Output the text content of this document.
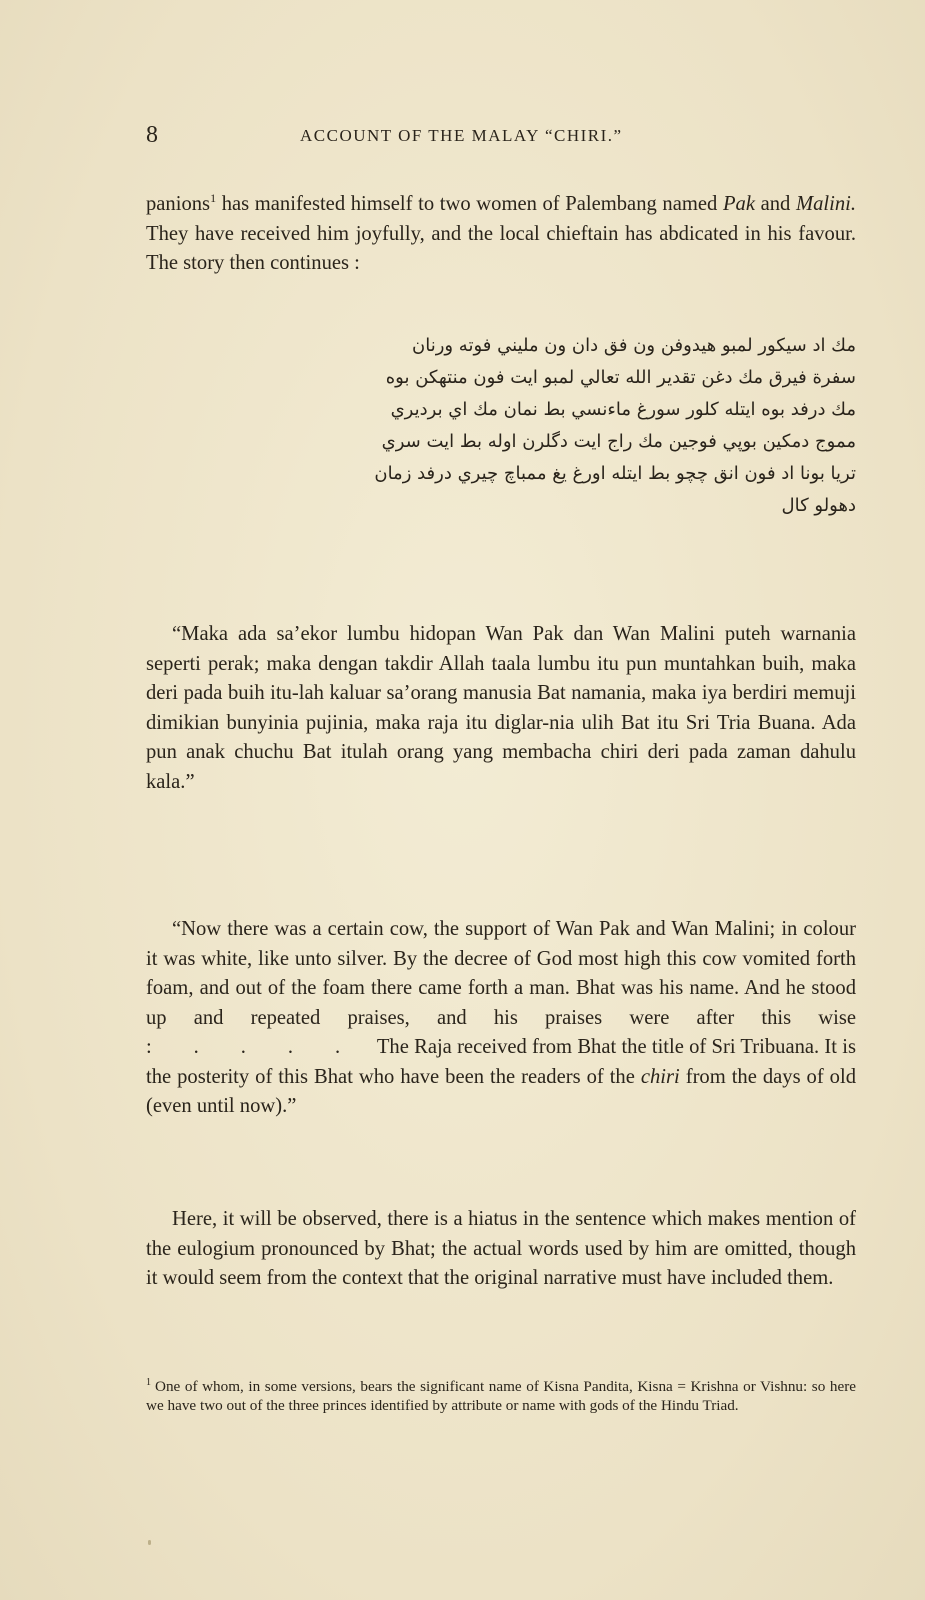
8	ACCOUNT OF THE MALAY “CHIRI.”

panions$^1$ has manifested himself to two women of Palembang named Pak and Malini. They have received him joyfully, and the local chieftain has abdicated in his favour. The story then continues :

مك اد سيكور لمبو هيدوفن ون فق دان ون مليني فوته ورنان
سفرة فيرق مك دغن تقدير الله تعالي لمبو ايت فون منتهكن بوه
مك درفد بوه ايتله كلور سورغ ماءنسي بط نمان مك اي برديري
مموج دمكين بوپي فوجين مك راج ايت دگلرن اوله بط ايت سري
تريا بونا اد فون انق چچو بط ايتله اورغ يغ ممباچ چيري درفد زمان
دهولو كال

“Maka ada sa’ekor lumbu hidopan Wan Pak dan Wan Malini puteh warnania seperti perak; maka dengan takdir Allah taala lumbu itu pun muntahkan buih, maka deri pada buih itu-lah kaluar sa’orang manusia Bat namania, maka iya berdiri memuji dimikian bunyinia pujinia, maka raja itu diglar-nia ulih Bat itu Sri Tria Buana. Ada pun anak chuchu Bat itulah orang yang membacha chiri deri pada zaman dahulu kala.”

“Now there was a certain cow, the support of Wan Pak and Wan Malini; in colour it was white, like unto silver. By the decree of God most high this cow vomited forth foam, and out of the foam there came forth a man. Bhat was his name. And he stood up and repeated praises, and his praises were after this wise :        .        .        .        .       The Raja received from Bhat the title of Sri Tribuana. It is the posterity of this Bhat who have been the readers of the chiri from the days of old (even until now).”

Here, it will be observed, there is a hiatus in the sentence which makes mention of the eulogium pronounced by Bhat; the actual words used by him are omitted, though it would seem from the context that the original narrative must have included them.

$^1$ One of whom, in some versions, bears the significant name of Kisna Pandita, Kisna = Krishna or Vishnu: so here we have two out of the three princes identified by attribute or name with gods of the Hindu Triad.
